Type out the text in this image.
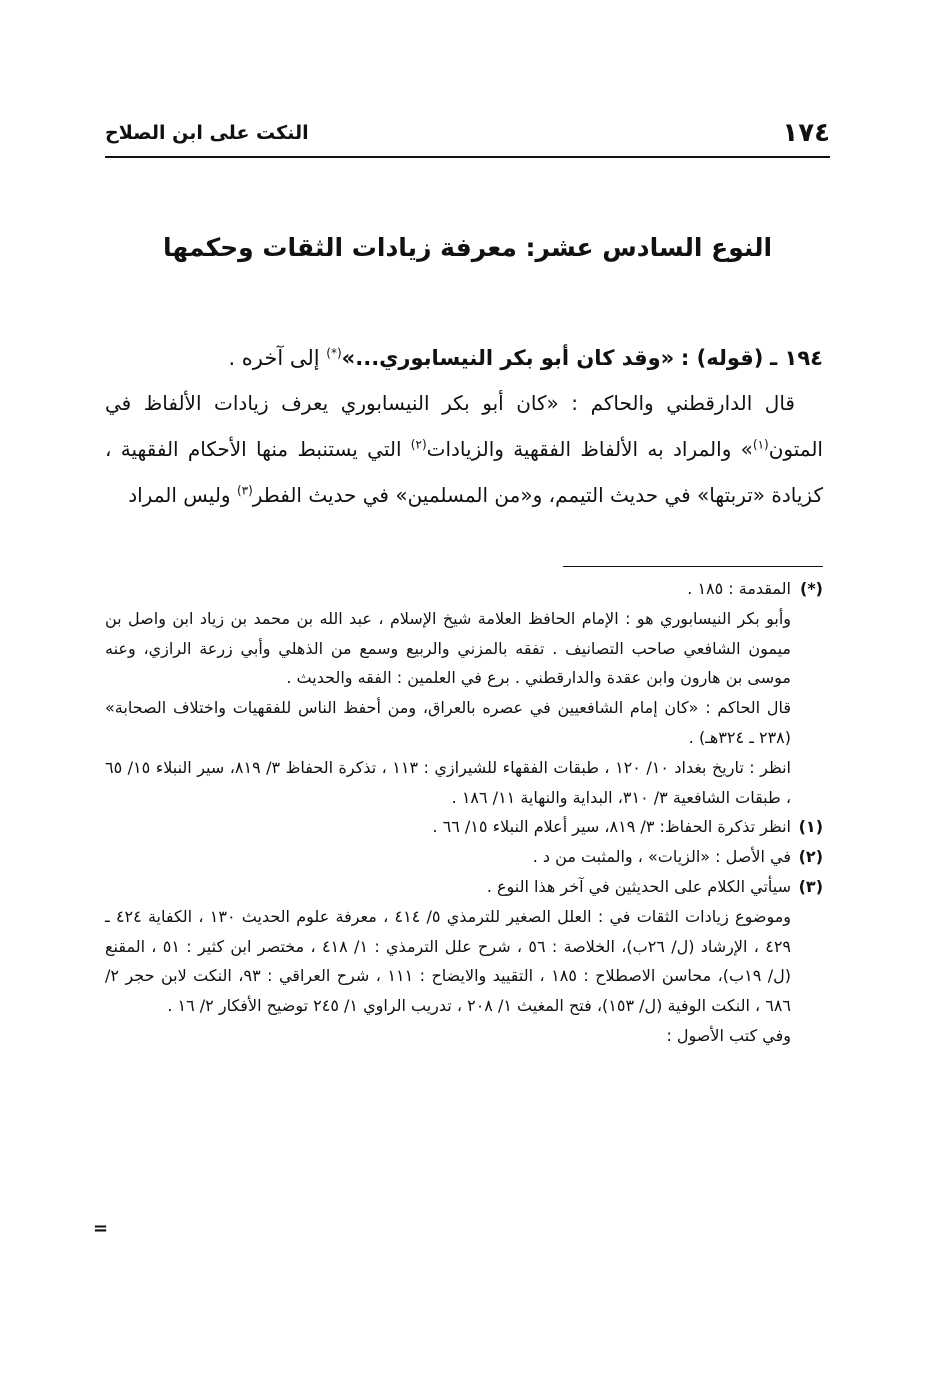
١٧٤
النكت على ابن الصلاح
النوع السادس عشر: معرفة زيادات الثقات وحكمها
١٩٤ ـ (قوله) : «وقد كان أبو بكر النيسابوري...»(*) إلى آخره .

قال الدارقطني والحاكم : «كان أبو بكر النيسابوري يعرف زيادات الألفاظ في المتون$^{(١)}$» والمراد به الألفاظ الفقهية والزيادات$^{(٢)}$ التي يستنبط منها الأحكام الفقهية ، كزيادة «تربتها» في حديث التيمم، و«من المسلمين» في حديث الفطر$^{(٣)}$ وليس المراد

(*)

المقدمة : ١٨٥ .

وأبو بكر النيسابوري هو : الإمام الحافظ العلامة شيخ الإسلام ، عبد الله بن محمد بن زياد ابن واصل بن ميمون الشافعي صاحب التصانيف . تفقه بالمزني والربيع وسمع من الذهلي وأبي زرعة الرازي، وعنه موسى بن هارون وابن عقدة والدارقطني . برع في العلمين : الفقه والحديث .

قال الحاكم : «كان إمام الشافعيين في عصره بالعراق، ومن أحفظ الناس للفقهيات واختلاف الصحابة» (٢٣٨ ـ ٣٢٤هـ) .

انظر : تاريخ بغداد ١٠/ ١٢٠ ، طبقات الفقهاء للشيرازي : ١١٣ ، تذكرة الحفاظ ٣/ ٨١٩، سير النبلاء ١٥/ ٦٥ ، طبقات الشافعية ٣/ ٣١٠، البداية والنهاية ١١/ ١٨٦ .

(١)

انظر تذكرة الحفاظ: ٣/ ٨١٩، سير أعلام النبلاء ١٥/ ٦٦ .

(٢)

في الأصل : «الزيات» ، والمثبت من د .

(٣)

سيأتي الكلام على الحديثين في آخر هذا النوع .

وموضوع زيادات الثقات في : العلل الصغير للترمذي ٥/ ٤١٤ ، معرفة علوم الحديث ١٣٠ ، الكفاية ٤٢٤ ـ ٤٢٩ ، الإرشاد (ل/ ٢٦ب)، الخلاصة : ٥٦ ، شرح علل الترمذي : ١/ ٤١٨ ، مختصر ابن كثير : ٥١ ، المقنع (ل/ ١٩ب)، محاسن الاصطلاح : ١٨٥ ، التقييد والايضاح : ١١١ ، شرح العراقي : ٩٣، النكت لابن حجر ٢/ ٦٨٦ ، النكت الوفية (ل/ ١٥٣)، فتح المغيث ١/ ٢٠٨ ، تدريب الراوي ١/ ٢٤٥ توضيح الأفكار ٢/ ١٦ .

وفي كتب الأصول :

=
